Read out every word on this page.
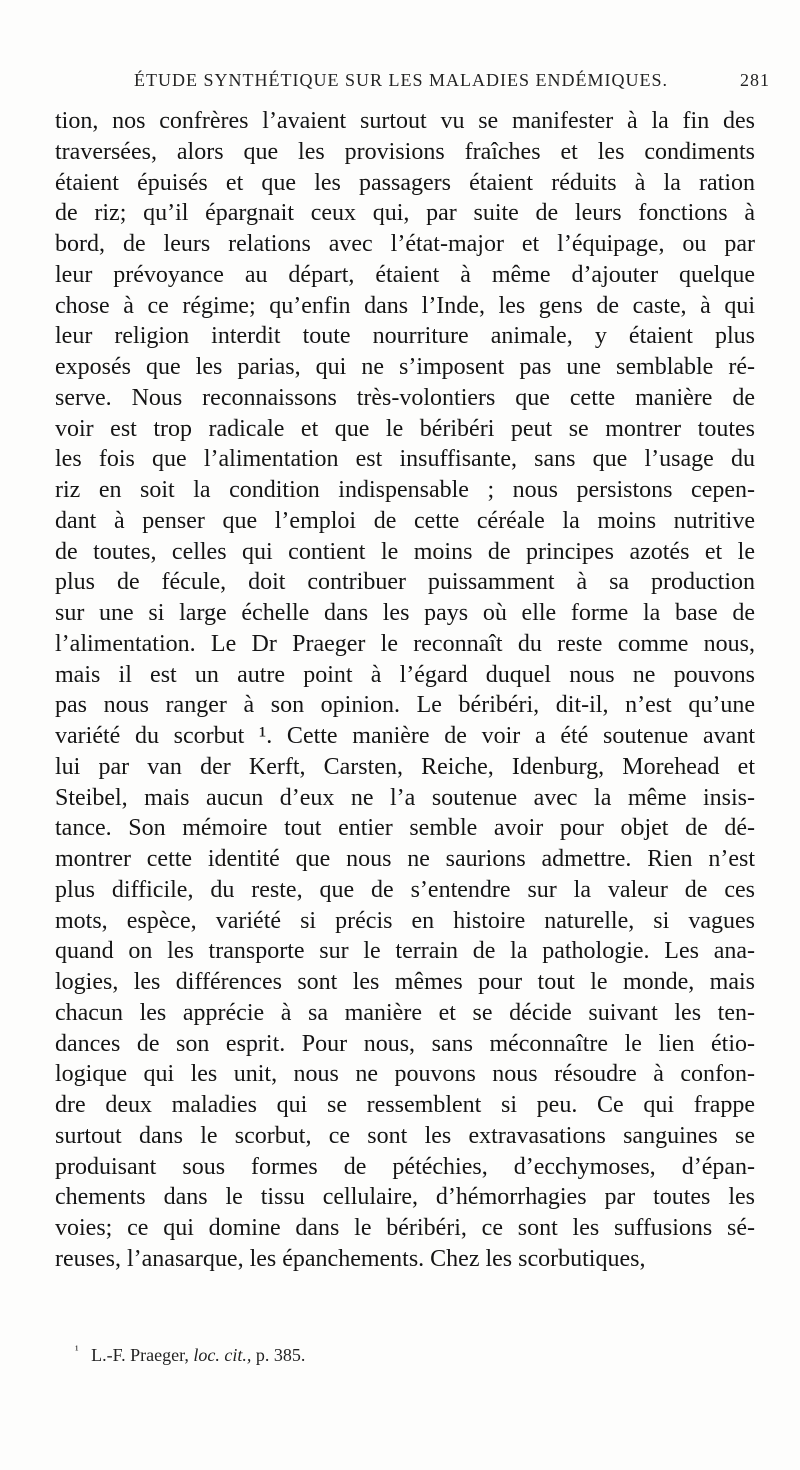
ÉTUDE SYNTHÉTIQUE SUR LES MALADIES ENDÉMIQUES.	281
tion, nos confrères l’avaient surtout vu se manifester à la fin des
traversées, alors que les provisions fraîches et les condiments
étaient épuisés et que les passagers étaient réduits à la ration
de riz; qu’il épargnait ceux qui, par suite de leurs fonctions à
bord, de leurs relations avec l’état-major et l’équipage, ou par
leur prévoyance au départ, étaient à même d’ajouter quelque
chose à ce régime; qu’enfin dans l’Inde, les gens de caste, à qui
leur religion interdit toute nourriture animale, y étaient plus
exposés que les parias, qui ne s’imposent pas une semblable ré-
serve. Nous reconnaissons très-volontiers que cette manière de
voir est trop radicale et que le béribéri peut se montrer toutes
les fois que l’alimentation est insuffisante, sans que l’usage du
riz en soit la condition indispensable ; nous persistons cepen-
dant à penser que l’emploi de cette céréale la moins nutritive
de toutes, celles qui contient le moins de principes azotés et le
plus de fécule, doit contribuer puissamment à sa production
sur une si large échelle dans les pays où elle forme la base de
l’alimentation. Le Dr Praeger le reconnaît du reste comme nous,
mais il est un autre point à l’égard duquel nous ne pouvons
pas nous ranger à son opinion. Le béribéri, dit-il, n’est qu’une
variété du scorbut ¹. Cette manière de voir a été soutenue avant
lui par van der Kerft, Carsten, Reiche, Idenburg, Morehead et
Steibel, mais aucun d’eux ne l’a soutenue avec la même insis-
tance. Son mémoire tout entier semble avoir pour objet de dé-
montrer cette identité que nous ne saurions admettre. Rien n’est
plus difficile, du reste, que de s’entendre sur la valeur de ces
mots, espèce, variété si précis en histoire naturelle, si vagues
quand on les transporte sur le terrain de la pathologie. Les ana-
logies, les différences sont les mêmes pour tout le monde, mais
chacun les apprécie à sa manière et se décide suivant les ten-
dances de son esprit. Pour nous, sans méconnaître le lien étio-
logique qui les unit, nous ne pouvons nous résoudre à confon-
dre deux maladies qui se ressemblent si peu. Ce qui frappe
surtout dans le scorbut, ce sont les extravasations sanguines se
produisant sous formes de pétéchies, d’ecchymoses, d’épan-
chements dans le tissu cellulaire, d’hémorrhagies par toutes les
voies; ce qui domine dans le béribéri, ce sont les suffusions sé-
reuses, l’anasarque, les épanchements. Chez les scorbutiques,
$^{^1}$ L.-F. Praeger, loc. cit., p. 385.
